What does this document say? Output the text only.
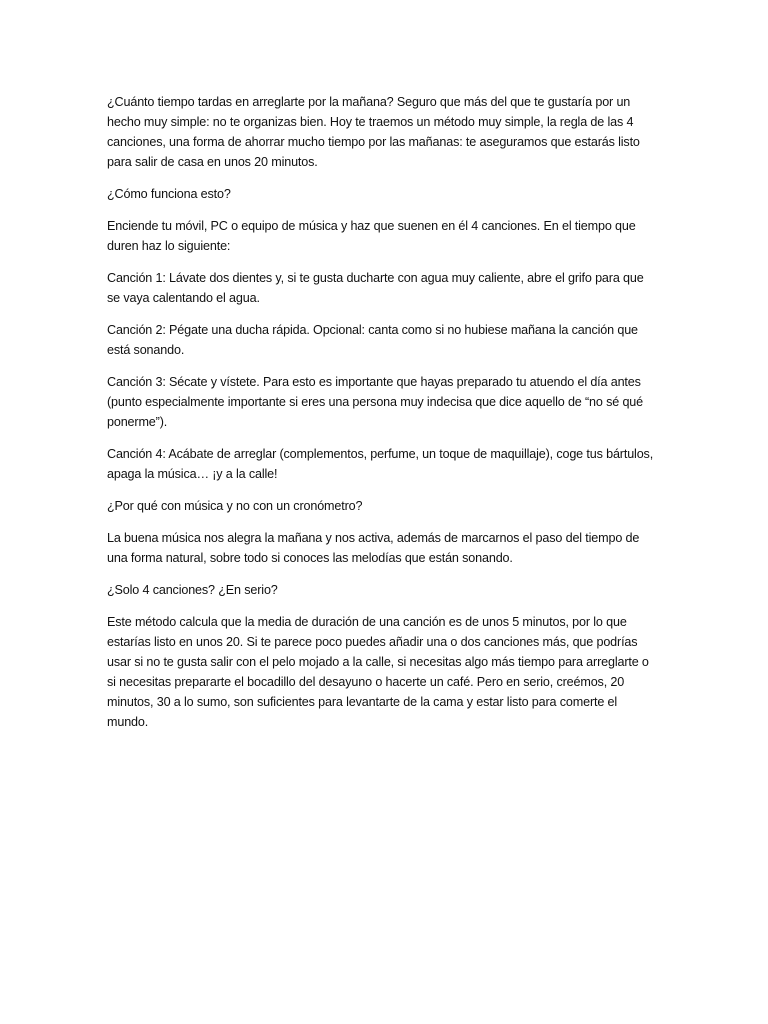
¿Cuánto tiempo tardas en arreglarte por la mañana? Seguro que más del que te gustaría por un hecho muy simple: no te organizas bien. Hoy te traemos un método muy simple, la regla de las 4 canciones, una forma de ahorrar mucho tiempo por las mañanas: te aseguramos que estarás listo para salir de casa en unos 20 minutos.

¿Cómo funciona esto?

Enciende tu móvil, PC o equipo de música y haz que suenen en él 4 canciones. En el tiempo que duren haz lo siguiente:

Canción 1: Lávate dos dientes y, si te gusta ducharte con agua muy caliente, abre el grifo para que se vaya calentando el agua.

Canción 2: Pégate una ducha rápida. Opcional: canta como si no hubiese mañana la canción que está sonando.

Canción 3: Sécate y vístete. Para esto es importante que hayas preparado tu atuendo el día antes (punto especialmente importante si eres una persona muy indecisa que dice aquello de “no sé qué ponerme”).

Canción 4: Acábate de arreglar (complementos, perfume, un toque de maquillaje), coge tus bártulos, apaga la música… ¡y a la calle!

¿Por qué con música y no con un cronómetro?

La buena música nos alegra la mañana y nos activa, además de marcarnos el paso del tiempo de una forma natural, sobre todo si conoces las melodías que están sonando.

¿Solo 4 canciones? ¿En serio?

Este método calcula que la media de duración de una canción es de unos 5 minutos, por lo que estarías listo en unos 20. Si te parece poco puedes añadir una o dos canciones más, que podrías usar si no te gusta salir con el pelo mojado a la calle, si necesitas algo más tiempo para arreglarte o si necesitas prepararte el bocadillo del desayuno o hacerte un café. Pero en serio, creémos, 20 minutos, 30 a lo sumo, son suficientes para levantarte de la cama y estar listo para comerte el mundo.
